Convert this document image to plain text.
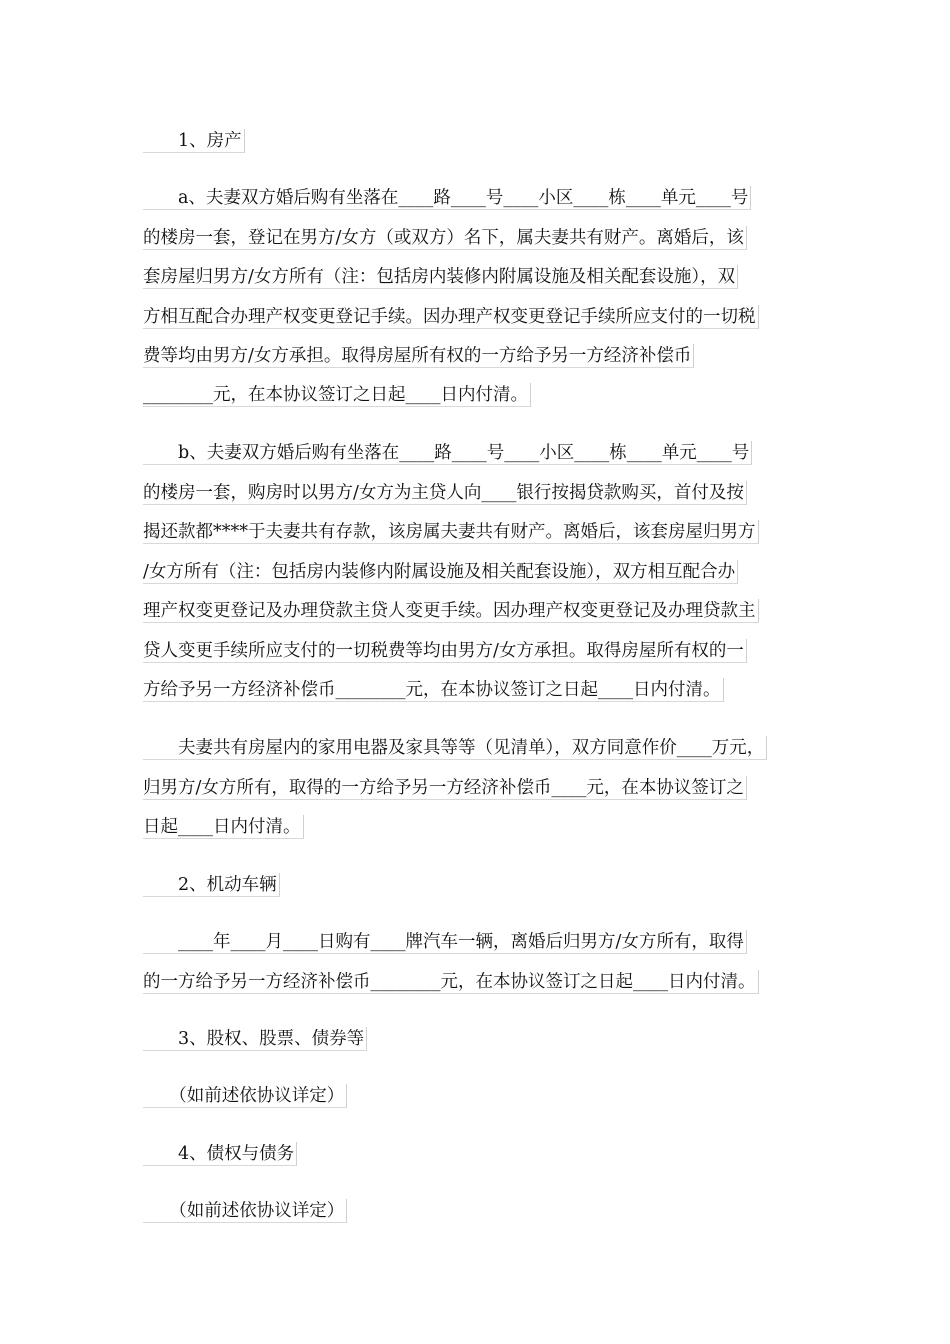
　　1、房产
　　a、夫妻双方婚后购有坐落在____路____号____小区____栋____单元____号
的楼房一套，登记在男方/女方（或双方）名下，属夫妻共有财产。离婚后，该
套房屋归男方/女方所有（注：包括房内装修内附属设施及相关配套设施），双
方相互配合办理产权变更登记手续。因办理产权变更登记手续所应支付的一切税
费等均由男方/女方承担。取得房屋所有权的一方给予另一方经济补偿币
________元，在本协议签订之日起____日内付清。
　　b、夫妻双方婚后购有坐落在____路____号____小区____栋____单元____号
的楼房一套，购房时以男方/女方为主贷人向____银行按揭贷款购买，首付及按
揭还款都****于夫妻共有存款，该房属夫妻共有财产。离婚后，该套房屋归男方
/女方所有（注：包括房内装修内附属设施及相关配套设施），双方相互配合办
理产权变更登记及办理贷款主贷人变更手续。因办理产权变更登记及办理贷款主
贷人变更手续所应支付的一切税费等均由男方/女方承担。取得房屋所有权的一
方给予另一方经济补偿币________元，在本协议签订之日起____日内付清。
　　夫妻共有房屋内的家用电器及家具等等（见清单），双方同意作价____万元，
归男方/女方所有，取得的一方给予另一方经济补偿币____元，在本协议签订之
日起____日内付清。
　　2、机动车辆
　　____年____月____日购有____牌汽车一辆，离婚后归男方/女方所有，取得
的一方给予另一方经济补偿币________元，在本协议签订之日起____日内付清。
　　3、股权、股票、债券等
　　（如前述依协议详定）
　　4、债权与债务
　　（如前述依协议详定）
